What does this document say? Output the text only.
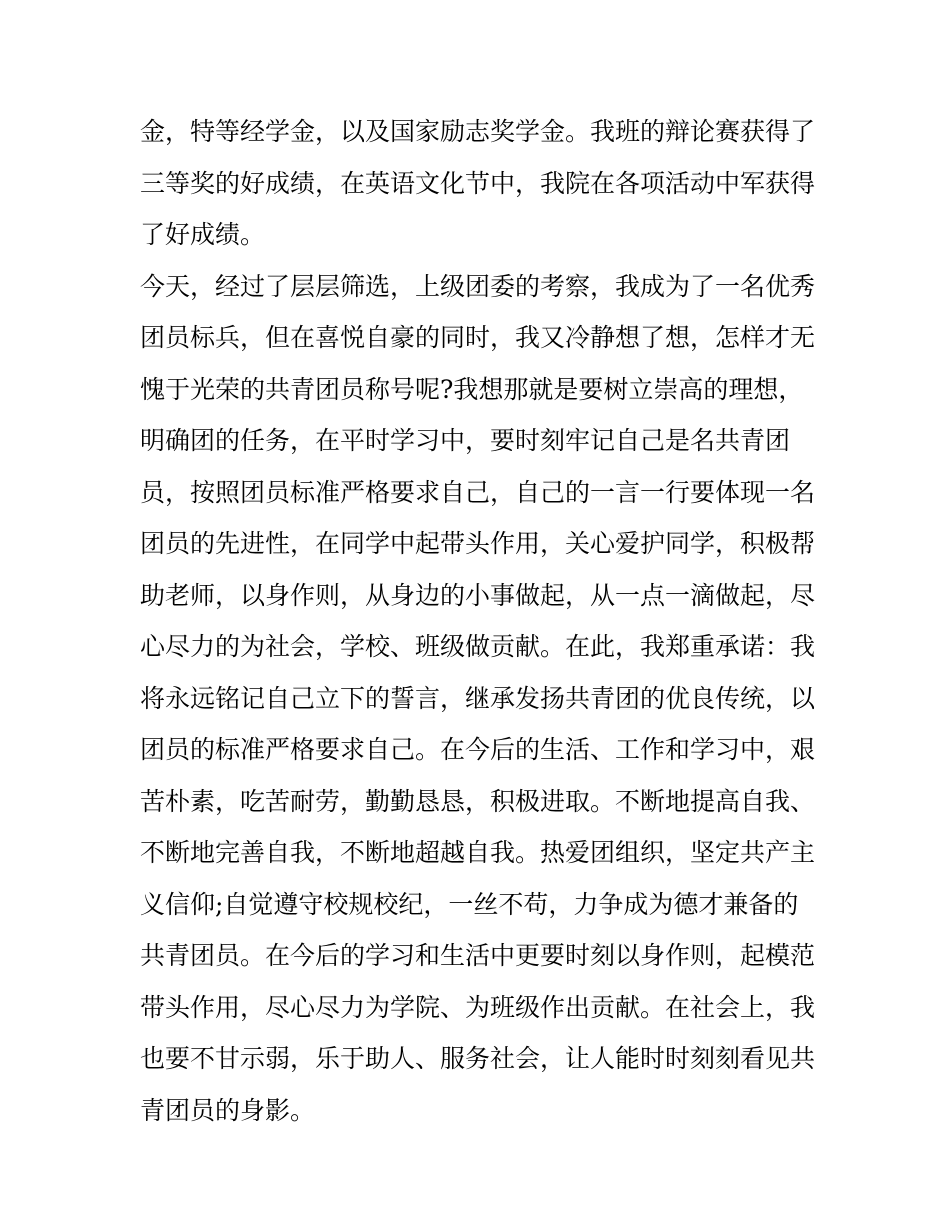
金，特等经学金，以及国家励志奖学金。我班的辩论赛获得了
三等奖的好成绩，在英语文化节中，我院在各项活动中军获得
了好成绩。
今天，经过了层层筛选，上级团委的考察，我成为了一名优秀
团员标兵，但在喜悦自豪的同时，我又冷静想了想，怎样才无
愧于光荣的共青团员称号呢?我想那就是要树立崇高的理想，
明确团的任务，在平时学习中，要时刻牢记自己是名共青团
员，按照团员标准严格要求自己，自己的一言一行要体现一名
团员的先进性，在同学中起带头作用，关心爱护同学，积极帮
助老师，以身作则，从身边的小事做起，从一点一滴做起，尽
心尽力的为社会，学校、班级做贡献。在此，我郑重承诺：我
将永远铭记自己立下的誓言，继承发扬共青团的优良传统，以
团员的标准严格要求自己。在今后的生活、工作和学习中，艰
苦朴素，吃苦耐劳，勤勤恳恳，积极进取。不断地提高自我、
不断地完善自我，不断地超越自我。热爱团组织，坚定共产主
义信仰;自觉遵守校规校纪，一丝不苟，力争成为德才兼备的
共青团员。在今后的学习和生活中更要时刻以身作则，起模范
带头作用，尽心尽力为学院、为班级作出贡献。在社会上，我
也要不甘示弱，乐于助人、服务社会，让人能时时刻刻看见共
青团员的身影。
